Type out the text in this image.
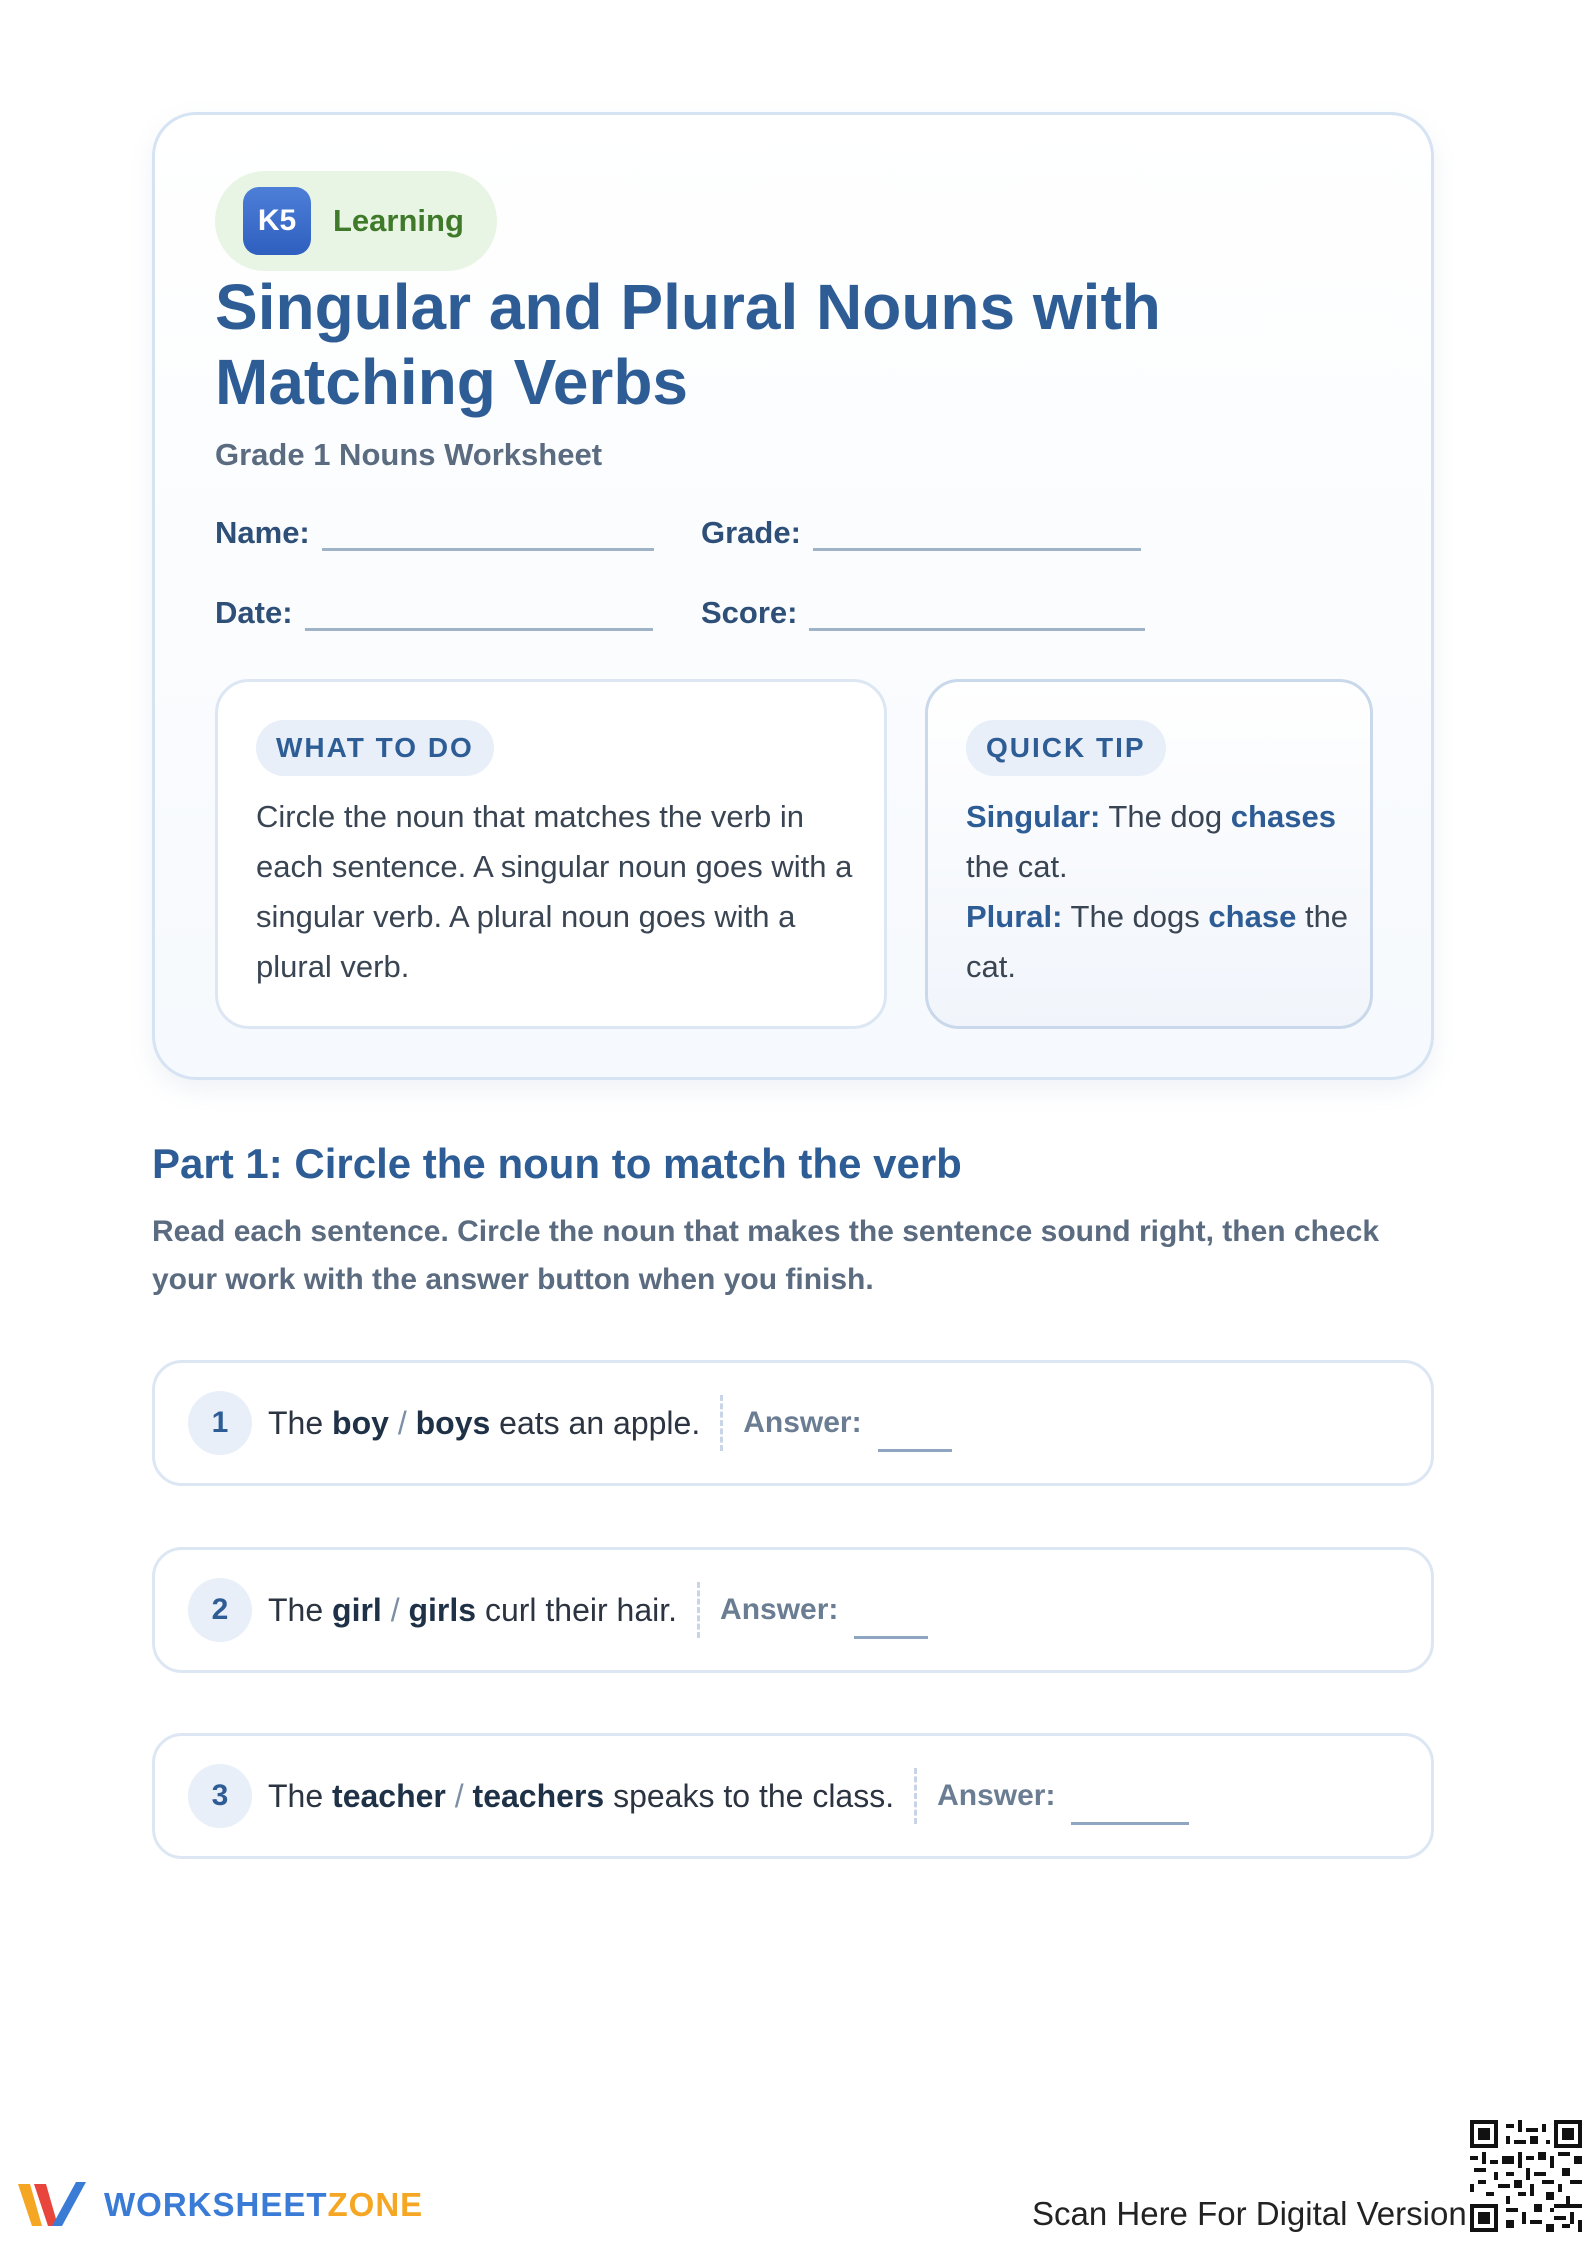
K5	Learning
Singular and Plural Nouns with Matching Verbs
Grade 1 Nouns Worksheet
Name:	Grade:
Date:	Score:
WHAT TO DO
Circle the noun that matches the verb in each sentence. A singular noun goes with a singular verb. A plural noun goes with a plural verb.
QUICK TIP
Singular: The dog chases the cat.
Plural: The dogs chase the cat.
Part 1: Circle the noun to match the verb
Read each sentence. Circle the noun that makes the sentence sound right, then check your work with the answer button when you finish.
1	The boy / boys eats an apple. Answer:
2	The girl / girls curl their hair. Answer:
3	The teacher / teachers speaks to the class. Answer:
WORKSHEETZONE	Scan Here For Digital Version
